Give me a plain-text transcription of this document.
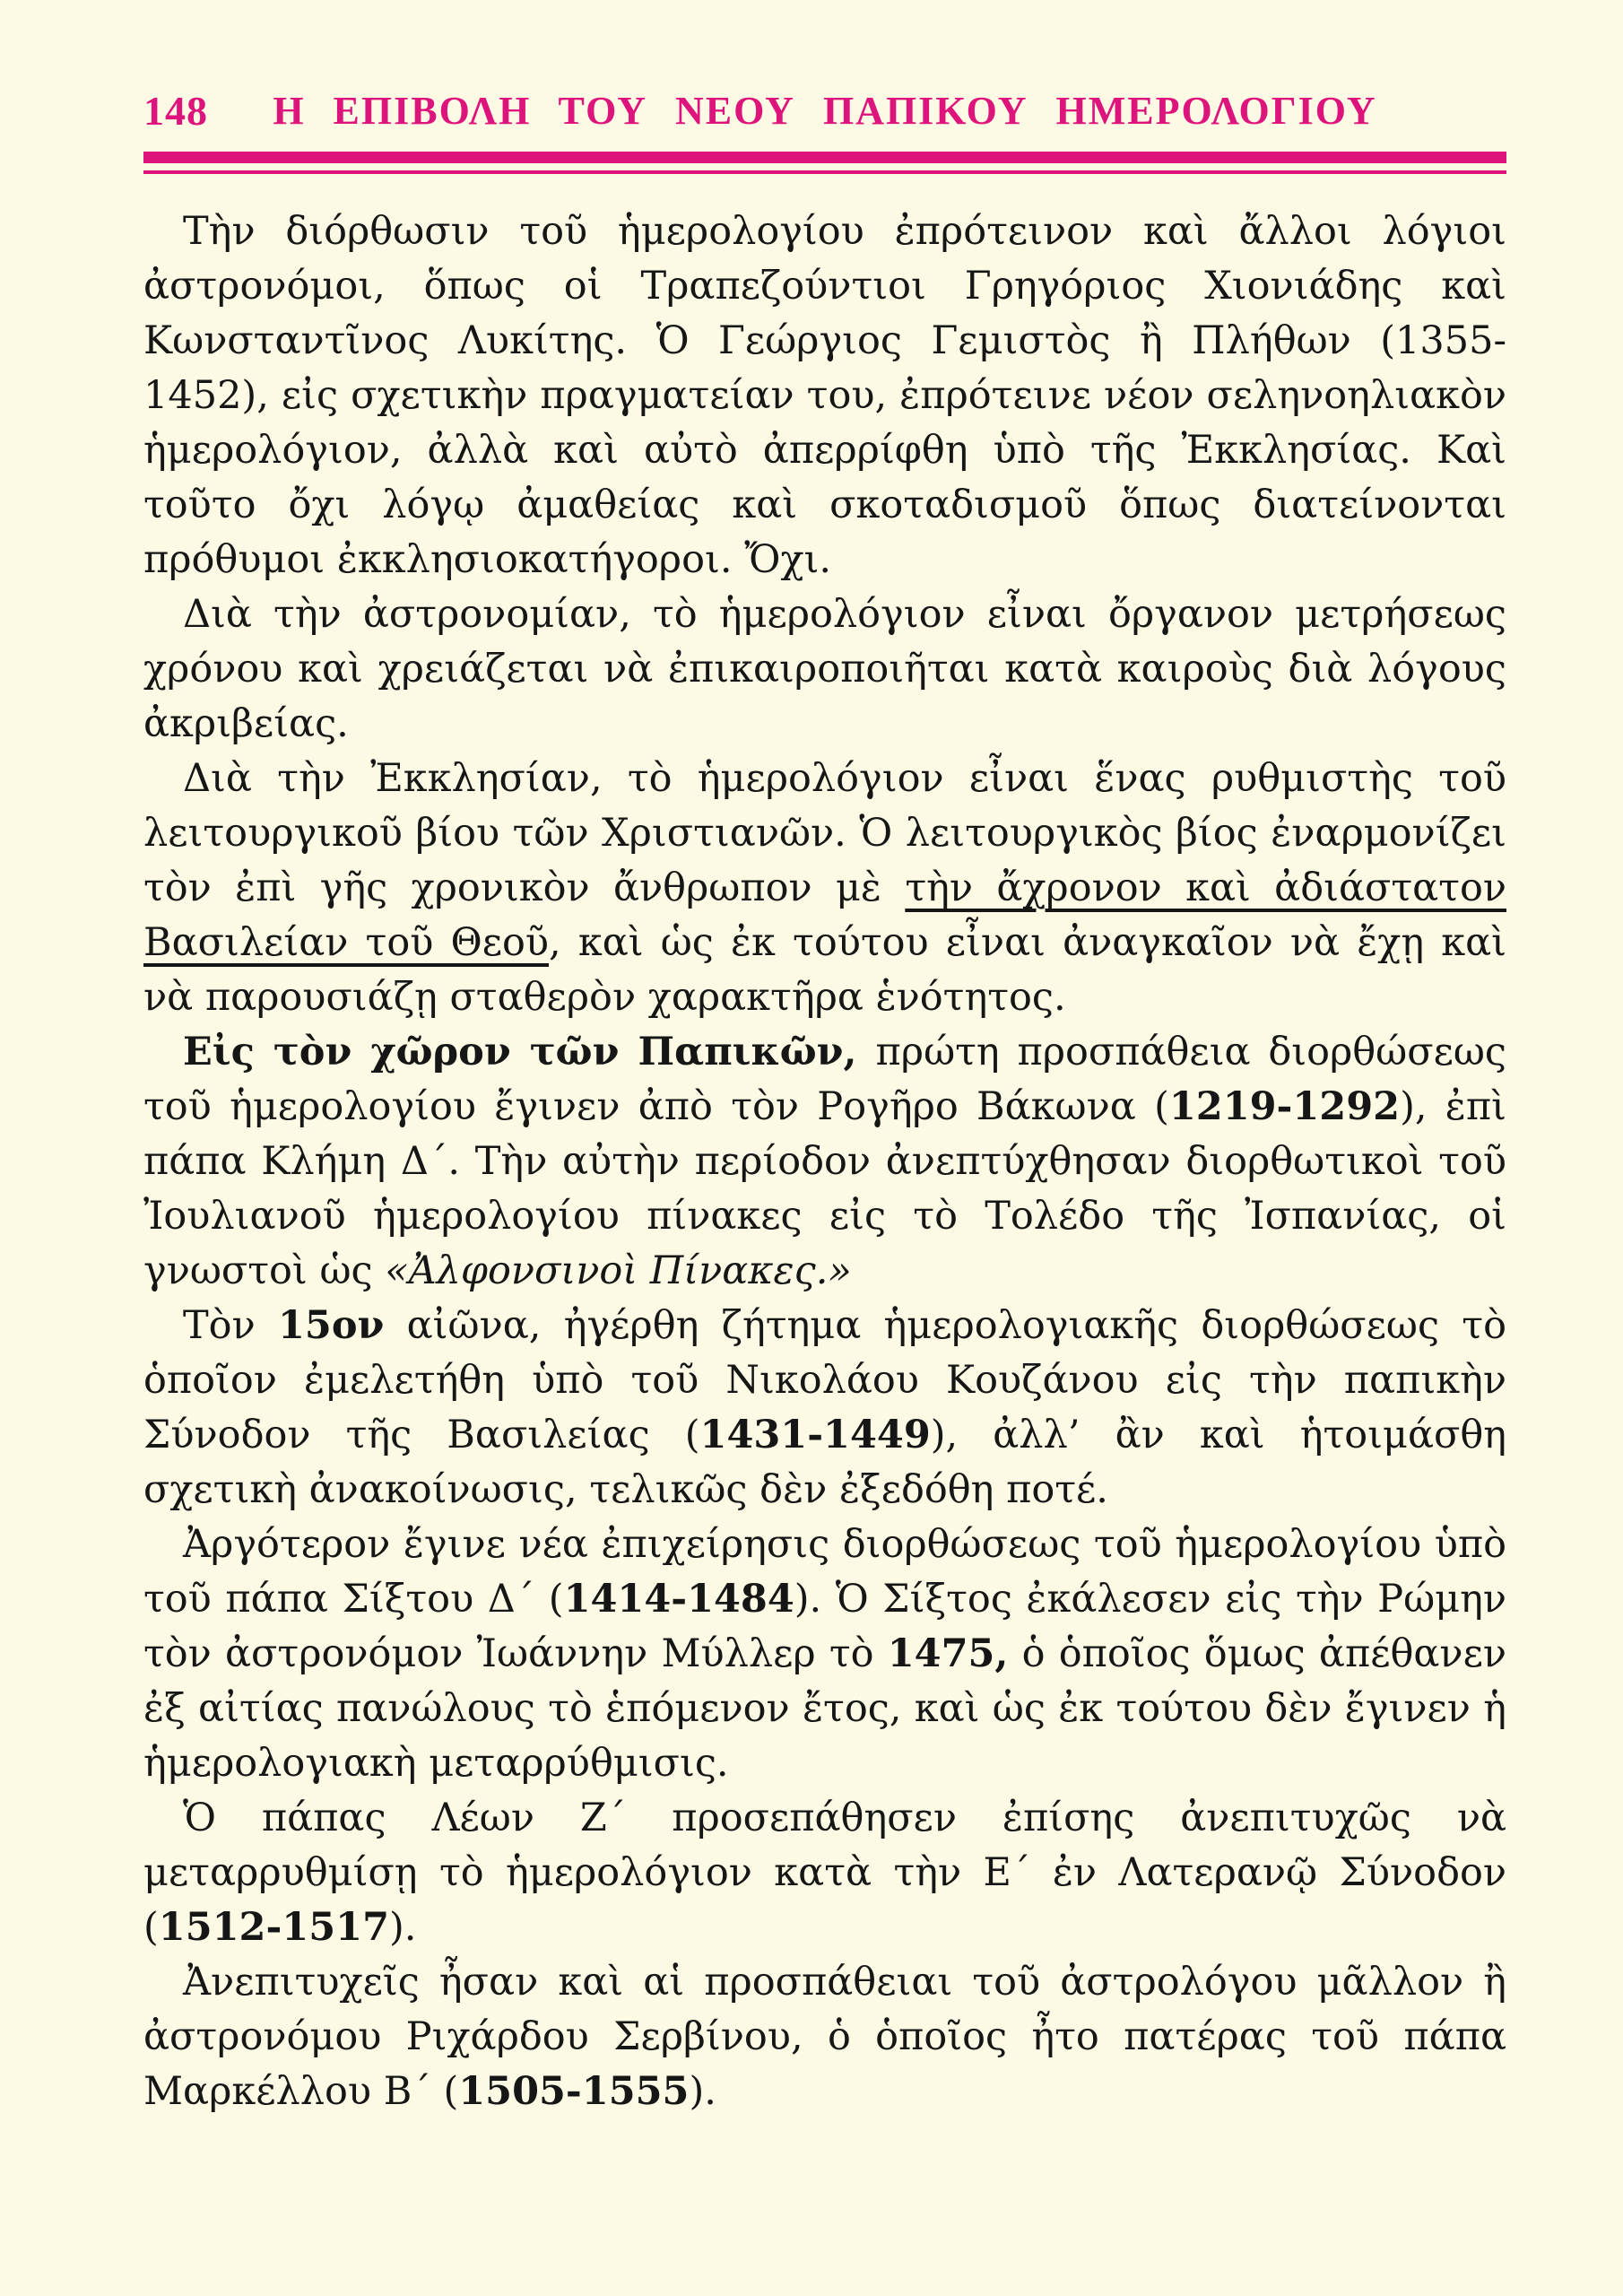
148	Η ΕΠΙΒΟΛΗ ΤΟΥ ΝΕΟΥ ΠΑΠΙΚΟΥ ΗΜΕΡΟΛΟΓΙΟΥ

Τὴν διόρθωσιν τοῦ ἡμερολογίου ἐπρότεινον καὶ ἄλλοι λόγιοι ἀστρονόμοι, ὅπως οἱ Τραπεζούντιοι Γρηγόριος Χιονιάδης καὶ Κωνσταντῖνος Λυκίτης. Ὁ Γεώργιος Γεμιστὸς ἢ Πλήθων (1355-1452), εἰς σχετικὴν πραγματείαν του, ἐπρότεινε νέον σεληνοηλιακὸν ἡμερολόγιον, ἀλλὰ καὶ αὐτὸ ἀπερρίφθη ὑπὸ τῆς Ἐκκλησίας. Καὶ τοῦτο ὄχι λόγῳ ἀμαθείας καὶ σκοταδισμοῦ ὅπως διατείνονται πρόθυμοι ἐκκλησιοκατήγοροι. Ὄχι.

Διὰ τὴν ἀστρονομίαν, τὸ ἡμερολόγιον εἶναι ὄργανον μετρήσεως χρόνου καὶ χρειάζεται νὰ ἐπικαιροποιῆται κατὰ καιροὺς διὰ λόγους ἀκριβείας.

Διὰ τὴν Ἐκκλησίαν, τὸ ἡμερολόγιον εἶναι ἕνας ρυθμιστὴς τοῦ λειτουργικοῦ βίου τῶν Χριστιανῶν. Ὁ λειτουργικὸς βίος ἐναρμονίζει τὸν ἐπὶ γῆς χρονικὸν ἄνθρωπον μὲ τὴν ἄχρονον καὶ ἀδιάστατον Βασιλείαν τοῦ Θεοῦ, καὶ ὡς ἐκ τούτου εἶναι ἀναγκαῖον νὰ ἔχῃ καὶ νὰ παρουσιάζῃ σταθερὸν χαρακτῆρα ἑνότητος.

Εἰς τὸν χῶρον τῶν Παπικῶν, πρώτη προσπάθεια διορθώσεως τοῦ ἡμερολογίου ἔγινεν ἀπὸ τὸν Ρογῆρο Βάκωνα (1219-1292), ἐπὶ πάπα Κλήμη Δ´. Τὴν αὐτὴν περίοδον ἀνεπτύχθησαν διορθωτικοὶ τοῦ Ἰουλιανοῦ ἡμερολογίου πίνακες εἰς τὸ Τολέδο τῆς Ἰσπανίας, οἱ γνωστοὶ ὡς «Ἀλφονσινοὶ Πίνακες.»

Τὸν 15ον αἰῶνα, ἠγέρθη ζήτημα ἡμερολογιακῆς διορθώσεως τὸ ὁποῖον ἐμελετήθη ὑπὸ τοῦ Νικολάου Κουζάνου εἰς τὴν παπικὴν Σύνοδον τῆς Βασιλείας (1431-1449), ἀλλ’ ἂν καὶ ἡτοιμάσθη σχετικὴ ἀνακοίνωσις, τελικῶς δὲν ἐξεδόθη ποτέ.

Ἀργότερον ἔγινε νέα ἐπιχείρησις διορθώσεως τοῦ ἡμερολογίου ὑπὸ τοῦ πάπα Σίξτου Δ´ (1414-1484). Ὁ Σίξτος ἐκάλεσεν εἰς τὴν Ρώμην τὸν ἀστρονόμον Ἰωάννην Μύλλερ τὸ 1475, ὁ ὁποῖος ὅμως ἀπέθανεν ἐξ αἰτίας πανώλους τὸ ἑπόμενον ἔτος, καὶ ὡς ἐκ τούτου δὲν ἔγινεν ἡ ἡμερολογιακὴ μεταρρύθμισις.

Ὁ πάπας Λέων Ζ´ προσεπάθησεν ἐπίσης ἀνεπιτυχῶς νὰ μεταρρυθμίσῃ τὸ ἡμερολόγιον κατὰ τὴν Ε´ ἐν Λατερανῷ Σύνοδον (1512-1517).

Ἀνεπιτυχεῖς ἦσαν καὶ αἱ προσπάθειαι τοῦ ἀστρολόγου μᾶλλον ἢ ἀστρονόμου Ριχάρδου Σερβίνου, ὁ ὁποῖος ἦτο πατέρας τοῦ πάπα Μαρκέλλου Β´ (1505-1555).
